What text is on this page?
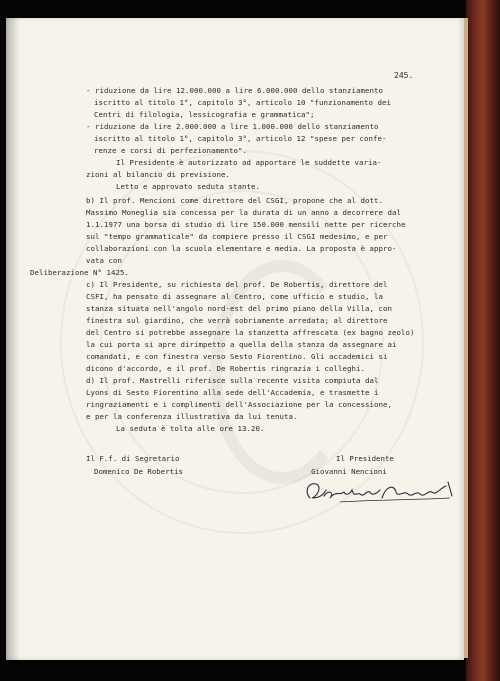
245.
- riduzione da lire 12.000.000 a lire 6.000.000 dello stanziamento
iscritto al titolo 1°, capitolo 3°, articolo 10 "funzionamento dei
Centri di filologia, lessicografia e grammatica";
- riduzione da lire 2.000.000 a lire 1.000.000 dello stanziamento
iscritto al titolo 1°, capitolo 3°, articolo 12 "spese per confe-
renze e corsi di perfezionamento".
Il Presidente è autorizzato ad apportare le suddette varia-
zioni al bilancio di previsione.
Letto e approvato seduta stante.
b) Il prof. Mencioni come direttore del CSGI, propone che al dott.
Massimo Moneglia sia concessa per la durata di un anno a decorrere dal
1.1.1977 una borsa di studio di lire 150.000 mensili nette per ricerche
sul "tempo grammaticale" da compiere presso il CSGI medesimo, e per
collaborazioni con la scuola elementare e media. La proposta è appro-
vata con
Deliberazione N° 1425.
c) Il Presidente, su richiesta del prof. De Robertis, direttore del
CSFI, ha pensato di assegnare al Centro, come ufficio e studio, la
stanza situata nell'angolo nord-est del primo piano della Villa, con
finestra sul giardino, che verrà sobriamente arredata; al direttore
del Centro si potrebbe assegnare la stanzetta affrescata (ex bagno zeolo)
la cui porta si apre dirimpetto a quella della stanza da assegnare ai
comandati, e con finestra verso Sesto Fiorentino. Gli accademici si
dicono d'accordo, e il prof. De Robertis ringrazia i colleghi.
d) Il prof. Mastrelli riferisce sulla recente visita compiuta dal
Lyons di Sesto Fiorentino alla sede dell'Accademia, e trasmette i
ringraziamenti e i complimenti dell'Associazione per la concessione,
e per la conferenza illustrativa da lui tenuta.
La seduta è tolta alle ore 13.20.
Il F.f. di Segretario
Domenico De Robertis
Il Presidente
Giovanni Nencioni
